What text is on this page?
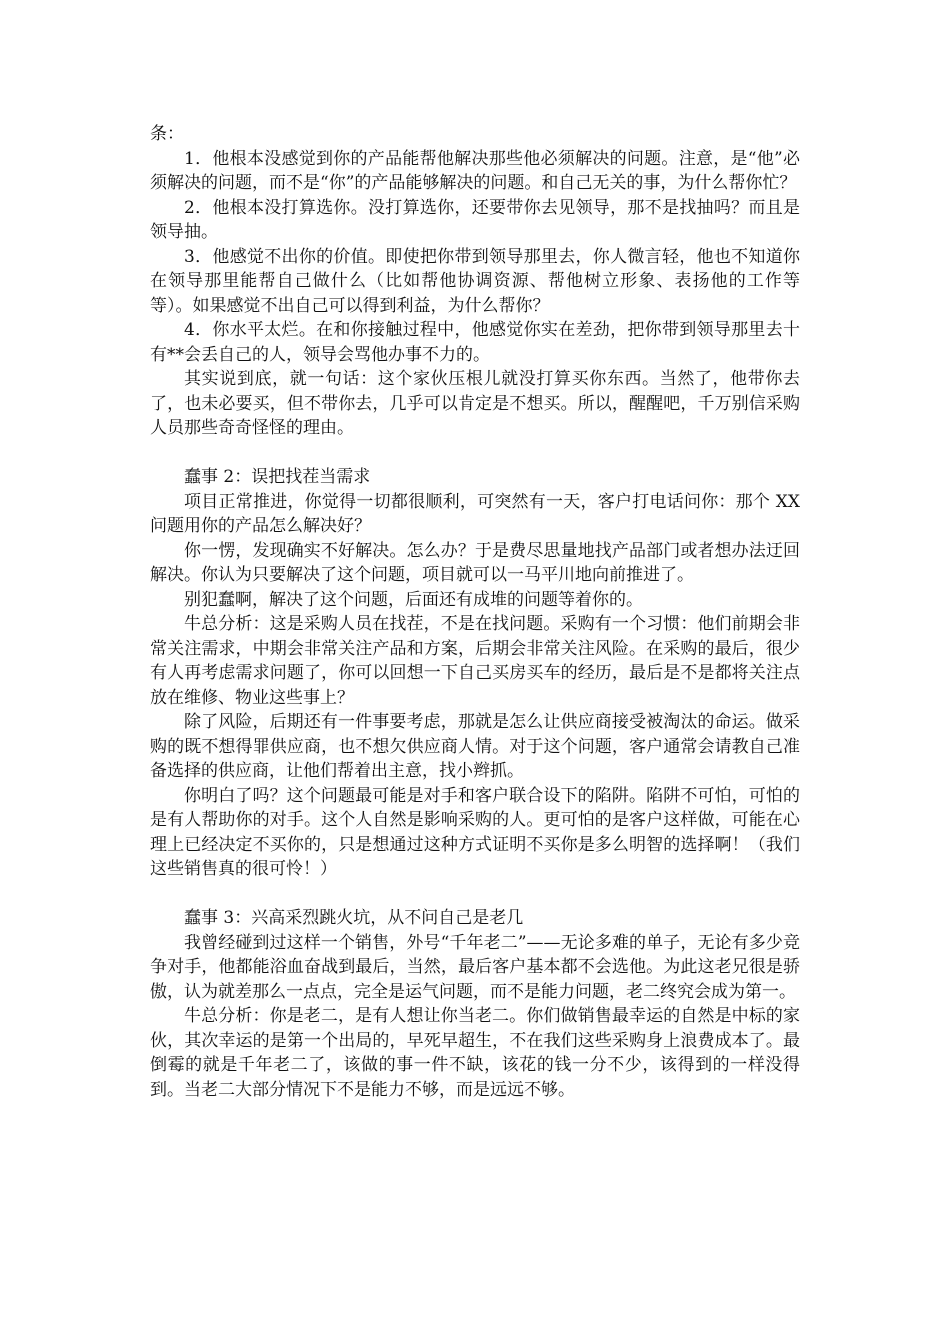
条：

1．他根本没感觉到你的产品能帮他解决那些他必须解决的问题。注意，是“他”必须解决的问题，而不是“你”的产品能够解决的问题。和自己无关的事，为什么帮你忙？

2．他根本没打算选你。没打算选你，还要带你去见领导，那不是找抽吗？而且是领导抽。

3．他感觉不出你的价值。即使把你带到领导那里去，你人微言轻，他也不知道你在领导那里能帮自己做什么（比如帮他协调资源、帮他树立形象、表扬他的工作等等）。如果感觉不出自己可以得到利益，为什么帮你？

4．你水平太烂。在和你接触过程中，他感觉你实在差劲，把你带到领导那里去十有**会丢自己的人，领导会骂他办事不力的。

其实说到底，就一句话：这个家伙压根儿就没打算买你东西。当然了，他带你去了，也未必要买，但不带你去，几乎可以肯定是不想买。所以，醒醒吧，千万别信采购人员那些奇奇怪怪的理由。

蠢事 2：误把找茬当需求

项目正常推进，你觉得一切都很顺利，可突然有一天，客户打电话问你：那个 XX 问题用你的产品怎么解决好？

你一愣，发现确实不好解决。怎么办？于是费尽思量地找产品部门或者想办法迂回解决。你认为只要解决了这个问题，项目就可以一马平川地向前推进了。

别犯蠢啊，解决了这个问题，后面还有成堆的问题等着你的。

牛总分析：这是采购人员在找茬，不是在找问题。采购有一个习惯：他们前期会非常关注需求，中期会非常关注产品和方案，后期会非常关注风险。在采购的最后，很少有人再考虑需求问题了，你可以回想一下自己买房买车的经历，最后是不是都将关注点放在维修、物业这些事上？

除了风险，后期还有一件事要考虑，那就是怎么让供应商接受被淘汰的命运。做采购的既不想得罪供应商，也不想欠供应商人情。对于这个问题，客户通常会请教自己准备选择的供应商，让他们帮着出主意，找小辫抓。

你明白了吗？这个问题最可能是对手和客户联合设下的陷阱。陷阱不可怕，可怕的是有人帮助你的对手。这个人自然是影响采购的人。更可怕的是客户这样做，可能在心理上已经决定不买你的，只是想通过这种方式证明不买你是多么明智的选择啊！（我们这些销售真的很可怜！）

蠢事 3：兴高采烈跳火坑，从不问自己是老几

我曾经碰到过这样一个销售，外号“千年老二”——无论多难的单子，无论有多少竞争对手，他都能浴血奋战到最后，当然，最后客户基本都不会选他。为此这老兄很是骄傲，认为就差那么一点点，完全是运气问题，而不是能力问题，老二终究会成为第一。

牛总分析：你是老二，是有人想让你当老二。你们做销售最幸运的自然是中标的家伙，其次幸运的是第一个出局的，早死早超生，不在我们这些采购身上浪费成本了。最倒霉的就是千年老二了，该做的事一件不缺，该花的钱一分不少，该得到的一样没得到。当老二大部分情况下不是能力不够，而是远远不够。
